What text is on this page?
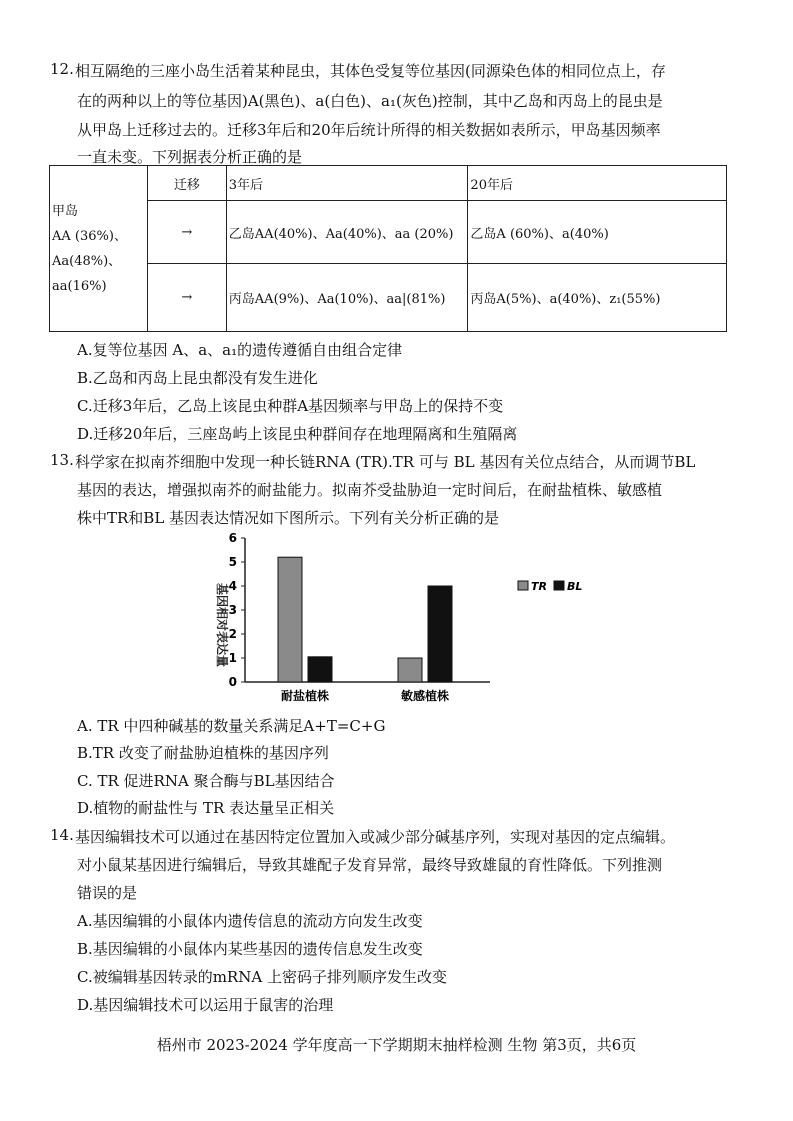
12. 相互隔绝的三座小岛生活着某种昆虫，其体色受复等位基因(同源染色体的相同位点上，存
在的两种以上的等位基因)A(黑色)、a(白色)、a₁(灰色)控制，其中乙岛和丙岛上的昆虫是
从甲岛上迁移过去的。迁移3年后和20年后统计所得的相关数据如表所示，甲岛基因频率
一直未变。下列据表分析正确的是
甲岛
AA (36%)、
Aa(48%)、
aa(16%)	迁移	3年后	20年后
	→	乙岛AA(40%)、Aa(40%)、aa (20%)	乙岛A (60%)、a(40%)
	→	丙岛AA(9%)、Aa(10%)、aa|(81%)	丙岛A(5%)、a(40%)、z₁(55%)
A.复等位基因 A、a、a₁的遗传遵循自由组合定律
B.乙岛和丙岛上昆虫都没有发生进化
C.迁移3年后，乙岛上该昆虫种群A基因频率与甲岛上的保持不变
D.迁移20年后，三座岛屿上该昆虫种群间存在地理隔离和生殖隔离
13. 科学家在拟南芥细胞中发现一种长链RNA (TR).TR 可与 BL 基因有关位点结合，从而调节BL
基因的表达，增强拟南芥的耐盐能力。拟南芥受盐胁迫一定时间后，在耐盐植株、敏感植
株中TR和BL 基因表达情况如下图所示。下列有关分析正确的是
基因相对表达量
0
1
2
3
4
5
6
耐盐植株	敏感植株
TR BL
A. TR 中四种碱基的数量关系满足A+T=C+G
B.TR 改变了耐盐胁迫植株的基因序列
C. TR 促进RNA 聚合酶与BL基因结合
D.植物的耐盐性与 TR 表达量呈正相关
14. 基因编辑技术可以通过在基因特定位置加入或减少部分碱基序列，实现对基因的定点编辑。
对小鼠某基因进行编辑后，导致其雄配子发育异常，最终导致雄鼠的育性降低。下列推测
错误的是
A.基因编辑的小鼠体内遗传信息的流动方向发生改变
B.基因编辑的小鼠体内某些基因的遗传信息发生改变
C.被编辑基因转录的mRNA 上密码子排列顺序发生改变
D.基因编辑技术可以运用于鼠害的治理
梧州市 2023-2024 学年度高一下学期期末抽样检测 生物 第3页，共6页
